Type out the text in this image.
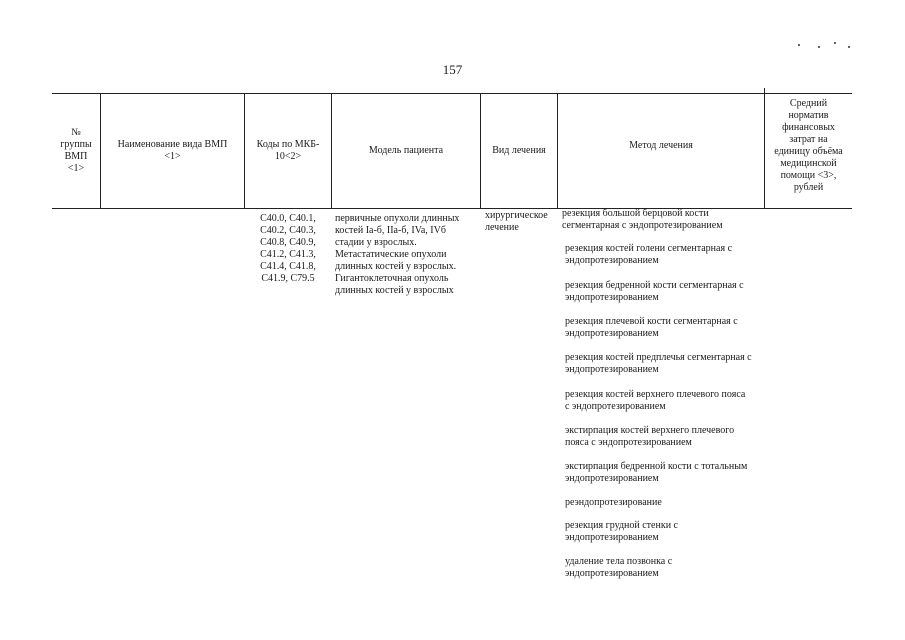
157
№
группы
ВМП
<1>
Наименование вида ВМП
<1>
Коды по МКБ-
10<2>
Модель пациента	Вид лечения	Метод лечения
Средний
норматив
финансовых
затрат на
единицу объёма
медицинской
помощи <3>,
рублей
C40.0, C40.1,
C40.2, C40.3,
C40.8, C40.9,
C41.2, C41.3,
C41.4, C41.8,
C41.9, C79.5
первичные опухоли длинных
костей Ia-б, IIa-б, IVa, IVб
стадии у взрослых.
Метастатические опухоли
длинных костей у взрослых.
Гигантоклеточная опухоль
длинных костей у взрослых
хирургическое
лечение
резекция большой берцовой кости
сегментарная с эндопротезированием
резекция костей голени сегментарная с
эндопротезированием
резекция бедренной кости сегментарная с
эндопротезированием
резекция плечевой кости сегментарная с
эндопротезированием
резекция костей предплечья сегментарная с
эндопротезированием
резекция костей верхнего плечевого пояса
с эндопротезированием
экстирпация костей верхнего плечевого
пояса с эндопротезированием
экстирпация бедренной кости с тотальным
эндопротезированием
реэндопротезирование
резекция грудной стенки с
эндопротезированием
удаление тела позвонка с
эндопротезированием
